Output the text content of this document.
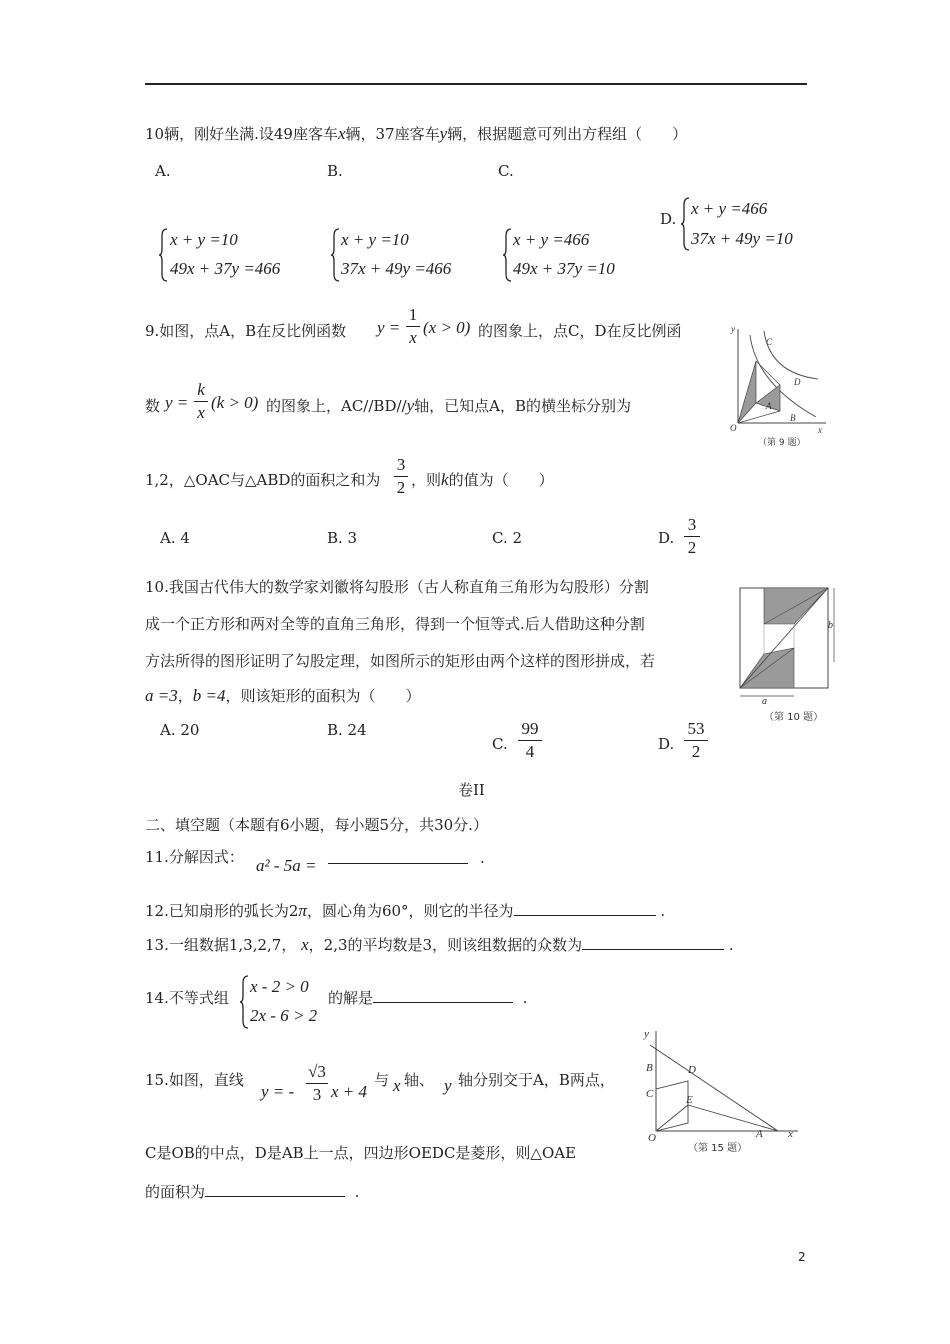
10辆，刚好坐满.设49座客车x辆，37座客车y辆，根据题意可列出方程组（　　）
A.	B.	C.
x + y =10
49x + 37y =466
x + y =10
37x + 49y =466
x + y =466
49x + 37y =10
D.
x + y =466
37x + 49y =10
9.如图，点A，B在反比例函数 y =
1
x
(x > 0) 的图象上，点C，D在反比例函
数 y =
k
x
(k > 0) 的图象上，AC//BD//y轴，已知点A，B的横坐标分别为
1,2，△OAC与△ABD的面积之和为
3
2 ，则k的值为（　　）
A. 4	B. 3	C. 2	D.
3
2
y
C
D
A
B
O	x
（第 9 题）
10.我国古代伟大的数学家刘徽将勾股形（古人称直角三角形为勾股形）分割
成一个正方形和两对全等的直角三角形，得到一个恒等式.后人借助这种分割
方法所得的图形证明了勾股定理，如图所示的矩形由两个这样的图形拼成，若
a =3，b =4，则该矩形的面积为（　　）
A. 20	B. 24
C.
99
4	D.
53
2
a
b
（第 10 题）
卷II
二、填空题（本题有6小题，每小题5分，共30分.）
11.分解因式： a² - 5a =	.
12.已知扇形的弧长为2π，圆心角为60°，则它的半径为	.
13.一组数据1,3,2,7， x，2,3的平均数是3，则该组数据的众数为	.
14.不等式组
x - 2 > 0
2x - 6 > 2
的解是	.
15.如图，直线
y = -
√3
3 x + 4
与 x 轴、 y 轴分别交于A，B两点，
C是OB的中点，D是AB上一点，四边形OEDC是菱形，则△OAE
的面积为	.
y
B	D
C	E
O	A x
（第 15 题）
2
